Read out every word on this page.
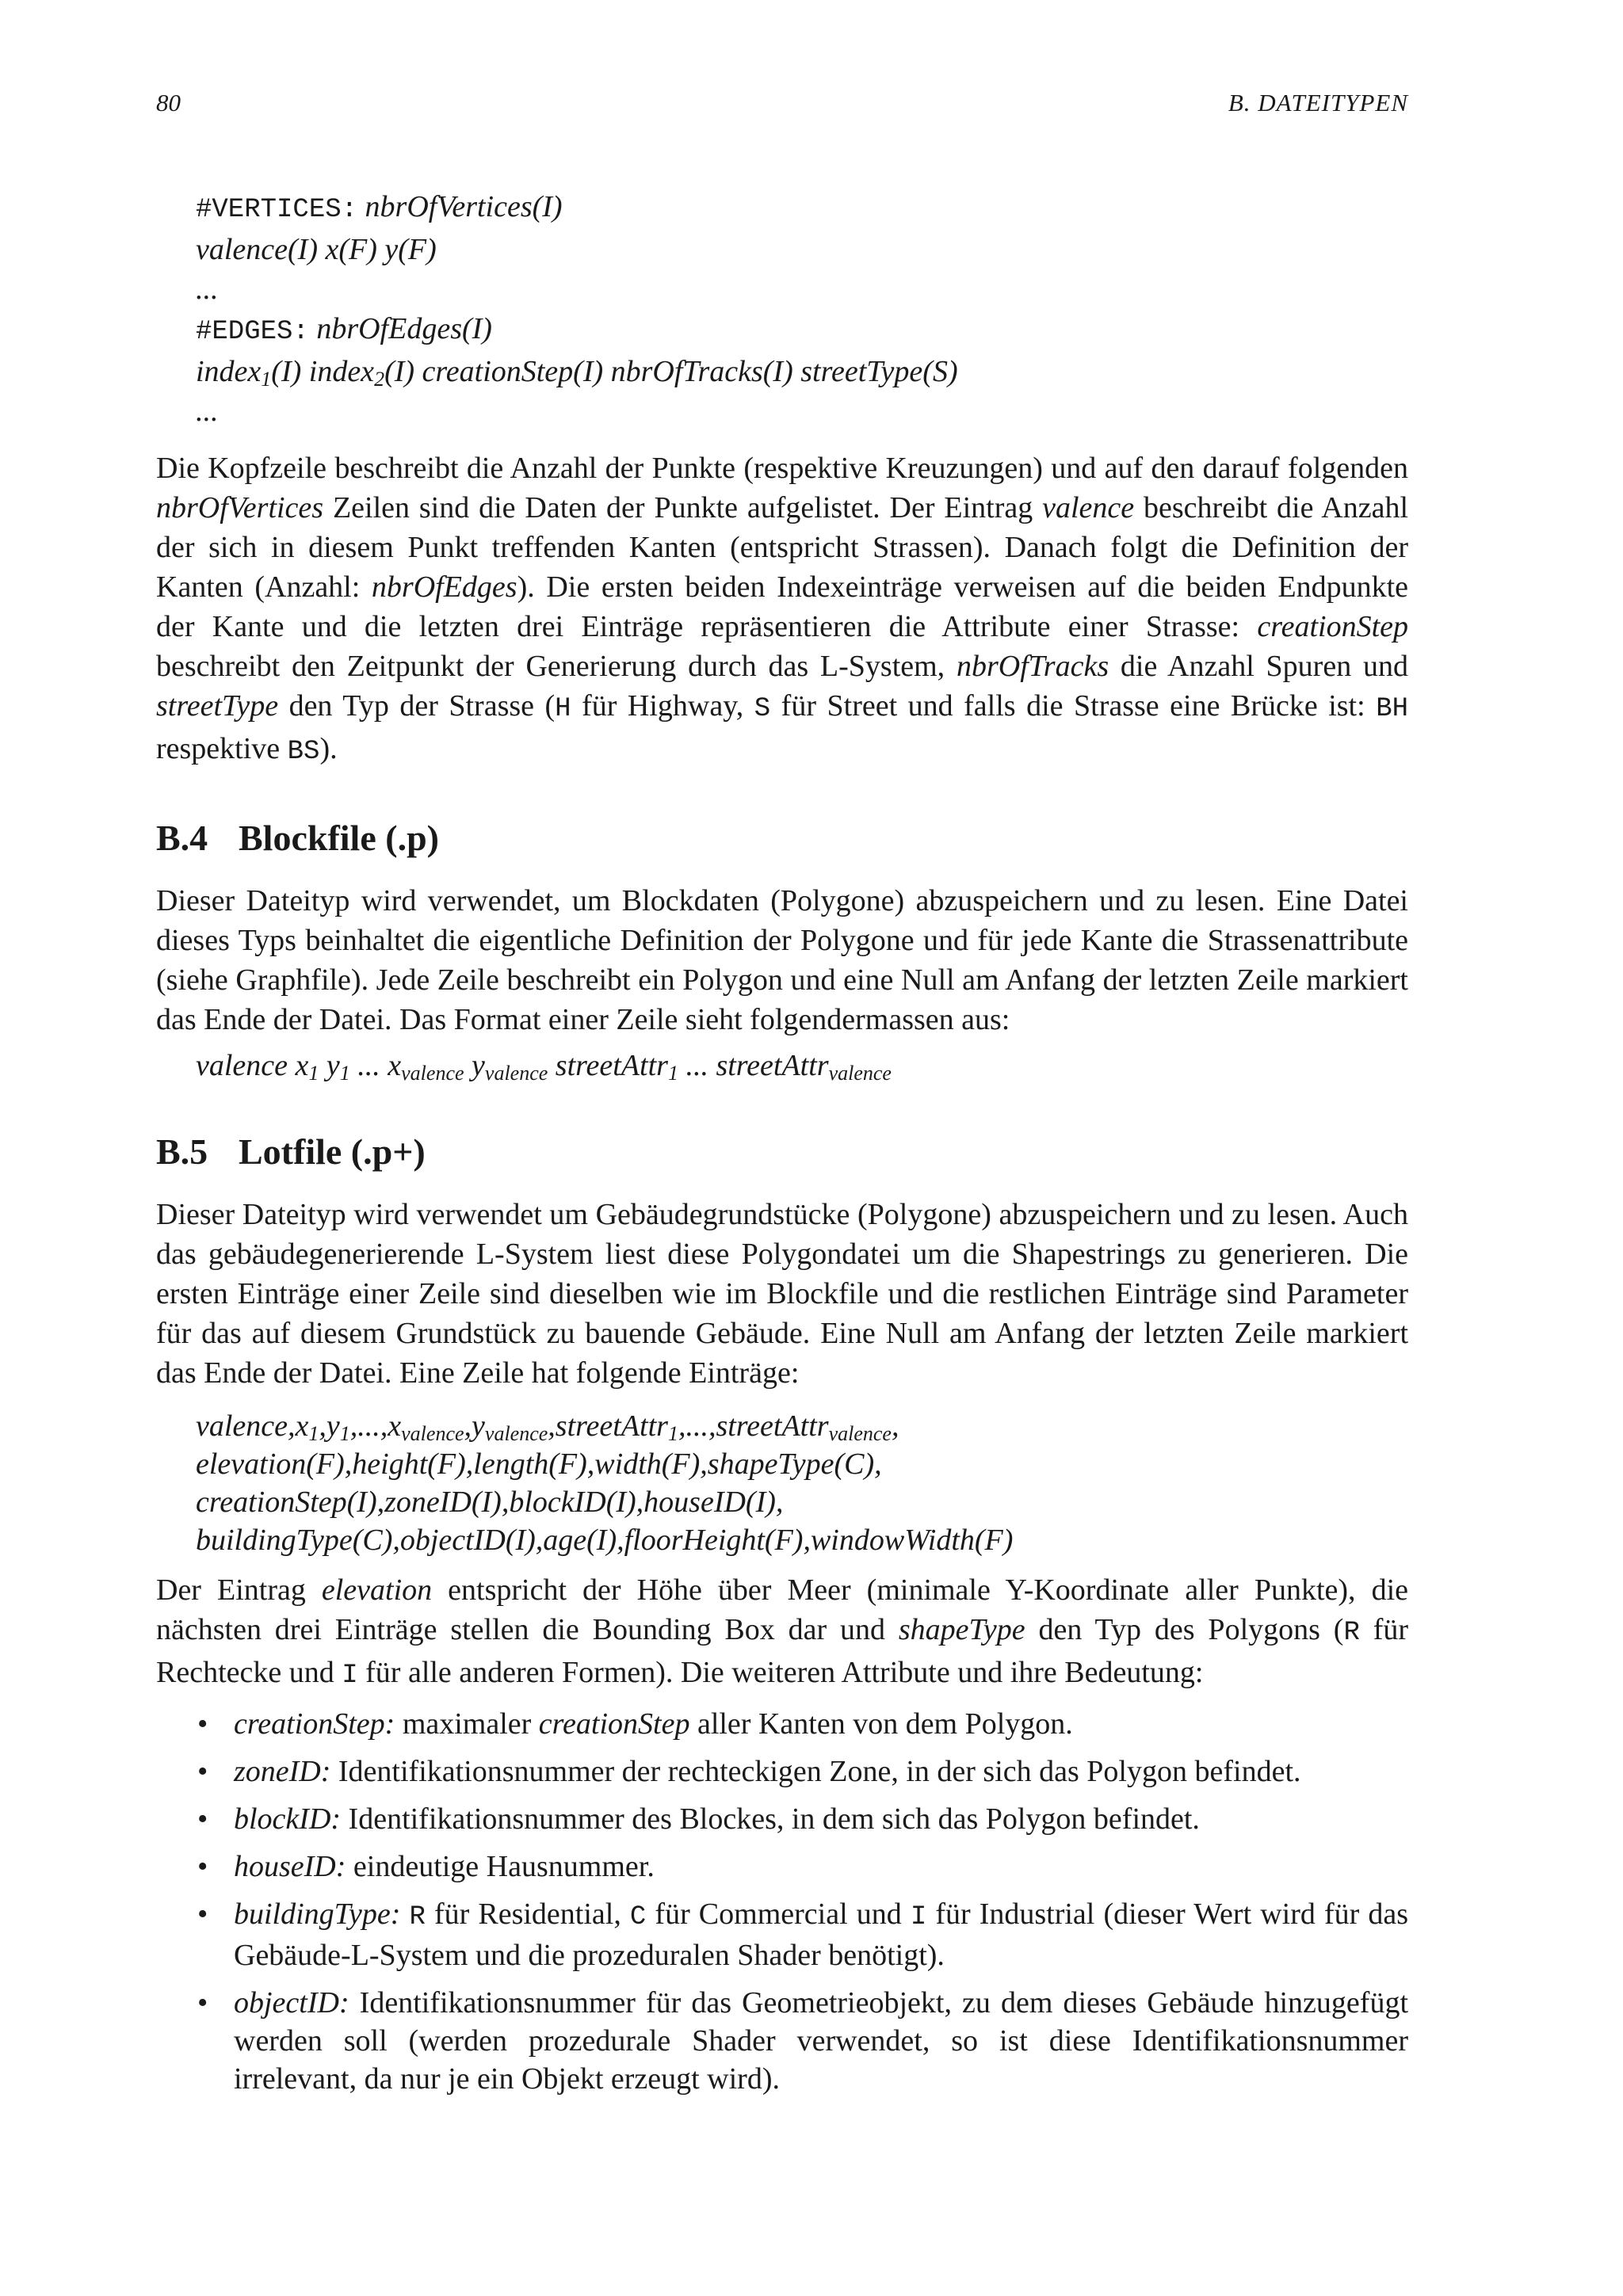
80	B. DATEITYPEN
#VERTICES: nbrOfVertices(I)
valence(I) x(F) y(F)
...
#EDGES: nbrOfEdges(I)
index$_1$(I) index$_2$(I) creationStep(I) nbrOfTracks(I) streetType(S)
...

Die Kopfzeile beschreibt die Anzahl der Punkte (respektive Kreuzungen) und auf den darauf folgenden nbrOfVertices Zeilen sind die Daten der Punkte aufgelistet. Der Eintrag valence beschreibt die Anzahl der sich in diesem Punkt treffenden Kanten (entspricht Strassen). Danach folgt die Definition der Kanten (Anzahl: nbrOfEdges). Die ersten beiden Indexeinträge verweisen auf die beiden Endpunkte der Kante und die letzten drei Einträge repräsentieren die Attribute einer Strasse: creationStep beschreibt den Zeitpunkt der Generierung durch das L-System, nbrOfTracks die Anzahl Spuren und streetType den Typ der Strasse (H für Highway, S für Street und falls die Strasse eine Brücke ist: BH respektive BS).

B.4 Blockfile (.p)

Dieser Dateityp wird verwendet, um Blockdaten (Polygone) abzuspeichern und zu lesen. Eine Datei dieses Typs beinhaltet die eigentliche Definition der Polygone und für jede Kante die Strassenattribute (siehe Graphfile). Jede Zeile beschreibt ein Polygon und eine Null am Anfang der letzten Zeile markiert das Ende der Datei. Das Format einer Zeile sieht folgendermassen aus:

valence $x_1$ $y_1$ ... $x_{valence}$ $y_{valence}$ streetAttr$_1$ ... streetAttr$_{valence}$
B.5 Lotfile (.p+)

Dieser Dateityp wird verwendet um Gebäudegrundstücke (Polygone) abzuspeichern und zu lesen. Auch das gebäudegenerierende L-System liest diese Polygondatei um die Shapestrings zu generieren. Die ersten Einträge einer Zeile sind dieselben wie im Blockfile und die restlichen Einträge sind Parameter für das auf diesem Grundstück zu bauende Gebäude. Eine Null am Anfang der letzten Zeile markiert das Ende der Datei. Eine Zeile hat folgende Einträge:

$valence,x_1,y_1,...,x_{valence},y_{valence},streetAttr_1,...,streetAttr_{valence}$,
elevation(F),height(F),length(F),width(F),shapeType(C),
creationStep(I),zoneID(I),blockID(I),houseID(I),
buildingType(C),objectID(I),age(I),floorHeight(F),windowWidth(F)

Der Eintrag elevation entspricht der Höhe über Meer (minimale Y-Koordinate aller Punkte), die nächsten drei Einträge stellen die Bounding Box dar und shapeType den Typ des Polygons (R für Rechtecke und I für alle anderen Formen). Die weiteren Attribute und ihre Bedeutung:

• creationStep: maximaler creationStep aller Kanten von dem Polygon.
• zoneID: Identifikationsnummer der rechteckigen Zone, in der sich das Polygon befindet.
• blockID: Identifikationsnummer des Blockes, in dem sich das Polygon befindet.
• houseID: eindeutige Hausnummer.
• buildingType: R für Residential, C für Commercial und I für Industrial (dieser Wert wird für das Gebäude-L-System und die prozeduralen Shader benötigt).
• objectID: Identifikationsnummer für das Geometrieobjekt, zu dem dieses Gebäude hinzugefügt werden soll (werden prozedurale Shader verwendet, so ist diese Identifikationsnummer irrelevant, da nur je ein Objekt erzeugt wird).
